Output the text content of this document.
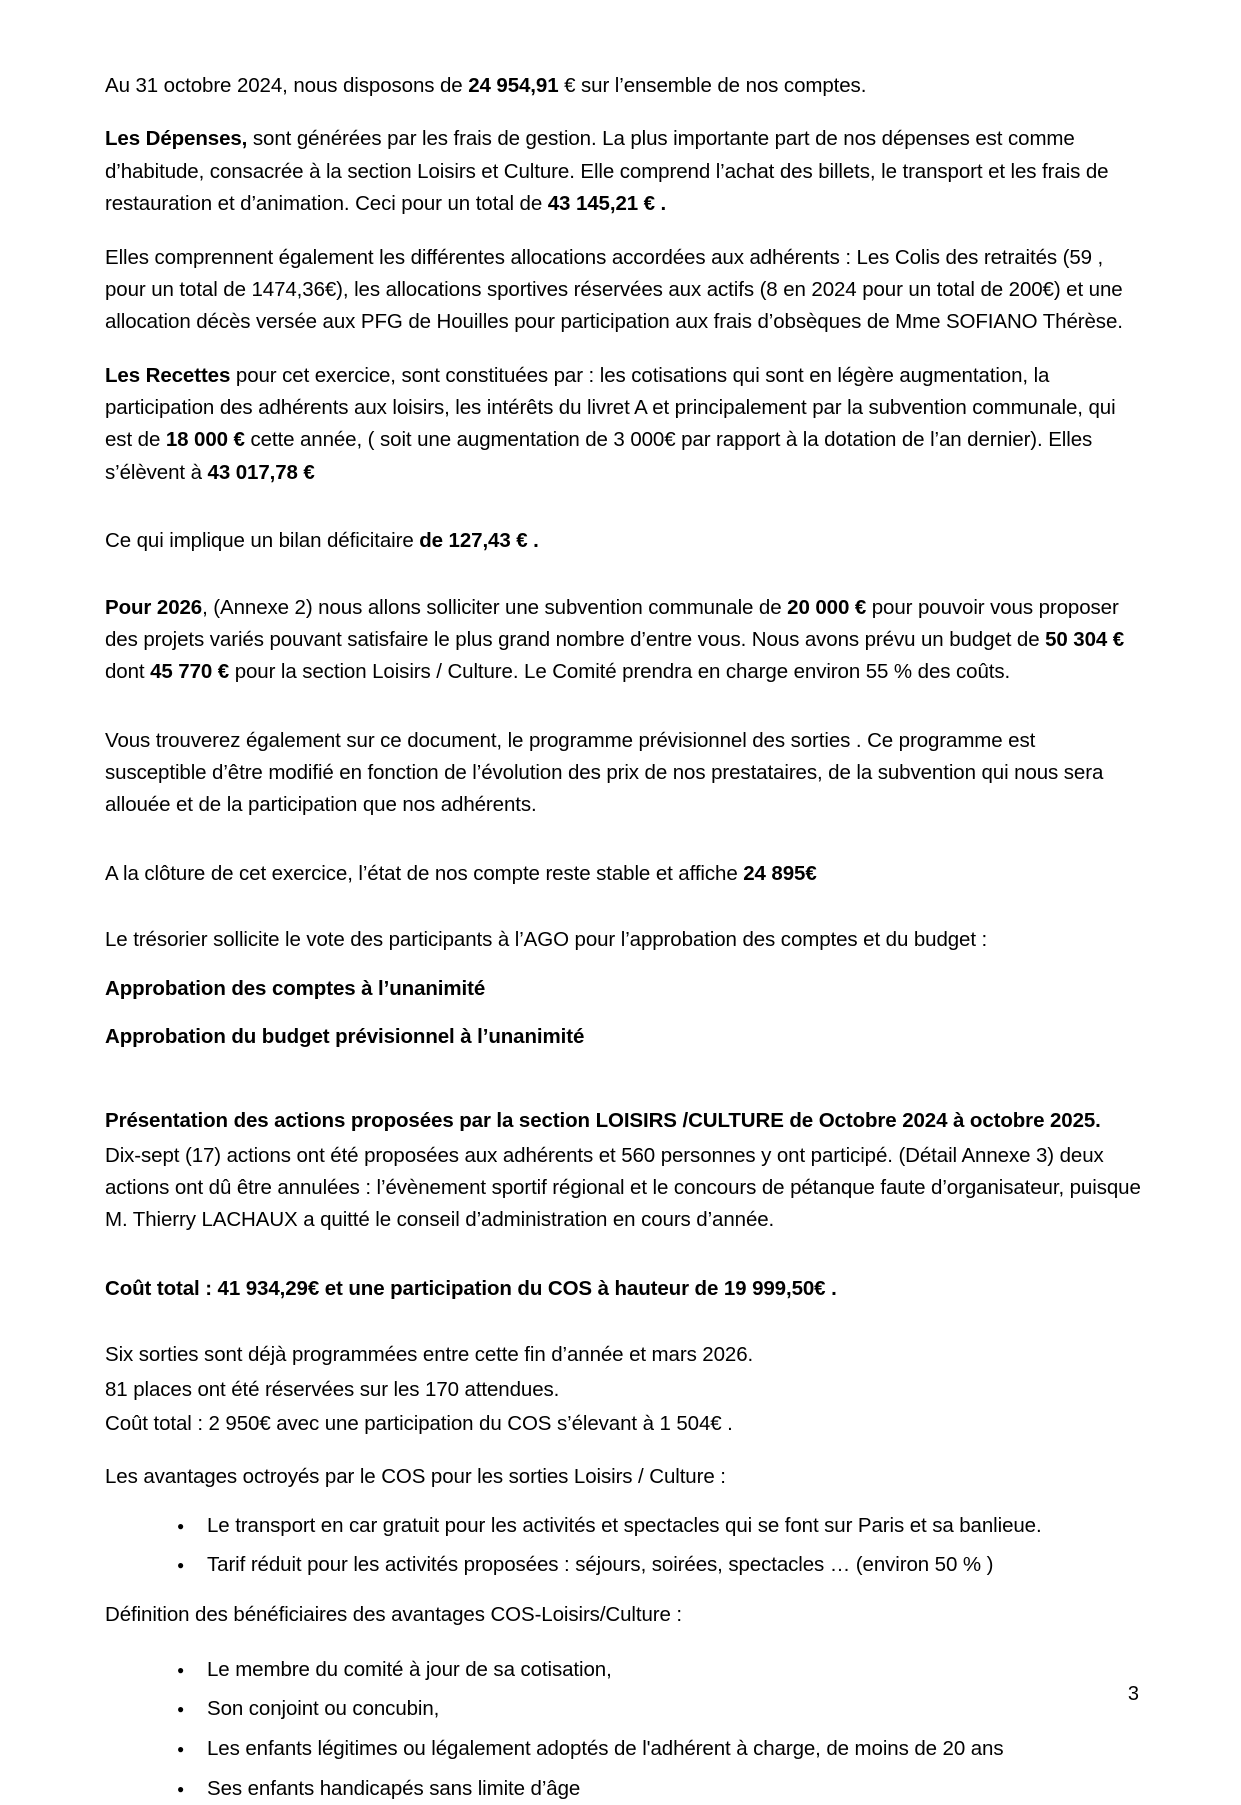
Au 31 octobre 2024, nous disposons de 24 954,91 € sur l’ensemble de nos comptes.

Les Dépenses, sont générées par les frais de gestion. La plus importante part de nos dépenses est comme d’habitude, consacrée à la section Loisirs et Culture. Elle comprend l’achat des billets, le transport et les frais de restauration et d’animation. Ceci pour un total de 43 145,21 € .

Elles comprennent également les différentes allocations accordées aux adhérents : Les Colis des retraités (59 , pour un total de 1474,36€), les allocations sportives réservées aux actifs (8 en 2024 pour un total de 200€) et une allocation décès versée aux PFG de Houilles pour participation aux frais d’obsèques de Mme SOFIANO Thérèse.

Les Recettes pour cet exercice, sont constituées par : les cotisations qui sont en légère augmentation, la participation des adhérents aux loisirs, les intérêts du livret A et principalement par la subvention communale, qui est de 18 000 € cette année, ( soit une augmentation de 3 000€ par rapport à la dotation de l’an dernier). Elles s’élèvent à 43 017,78 €

Ce qui implique un bilan déficitaire de 127,43 € .

Pour 2026, (Annexe 2) nous allons solliciter une subvention communale de 20 000 € pour pouvoir vous proposer des projets variés pouvant satisfaire le plus grand nombre d’entre vous. Nous avons prévu un budget de 50 304 € dont 45 770 € pour la section Loisirs / Culture. Le Comité prendra en charge environ 55 % des coûts.

Vous trouverez également sur ce document, le programme prévisionnel des sorties . Ce programme est susceptible d’être modifié en fonction de l’évolution des prix de nos prestataires, de la subvention qui nous sera allouée et de la participation que nos adhérents.

A la clôture de cet exercice, l’état de nos compte reste stable et affiche 24 895€

Le trésorier sollicite le vote des participants à l’AGO pour l’approbation des comptes et du budget :

Approbation des comptes à l’unanimité

Approbation du budget prévisionnel à l’unanimité

Présentation des actions proposées par la section LOISIRS /CULTURE de Octobre 2024 à octobre 2025.

Dix-sept (17) actions ont été proposées aux adhérents et 560 personnes y ont participé. (Détail Annexe 3) deux actions ont dû être annulées : l’évènement sportif régional et le concours de pétanque faute d’organisateur, puisque M. Thierry LACHAUX a quitté le conseil d’administration en cours d’année.

Coût total : 41 934,29€ et une participation du COS à hauteur de 19 999,50€ .

Six sorties sont déjà programmées entre cette fin d’année et mars 2026.

81 places ont été réservées sur les 170 attendues.

Coût total : 2 950€ avec une participation du COS s’élevant à 1 504€ .

Les avantages octroyés par le COS pour les sorties Loisirs / Culture :

● Le transport en car gratuit pour les activités et spectacles qui se font sur Paris et sa banlieue.
● Tarif réduit pour les activités proposées : séjours, soirées, spectacles … (environ 50 % )

Définition des bénéficiaires des avantages COS-Loisirs/Culture :

● Le membre du comité à jour de sa cotisation,
● Son conjoint ou concubin,
● Les enfants légitimes ou légalement adoptés de l'adhérent à charge, de moins de 20 ans
● Ses enfants handicapés sans limite d’âge
3
